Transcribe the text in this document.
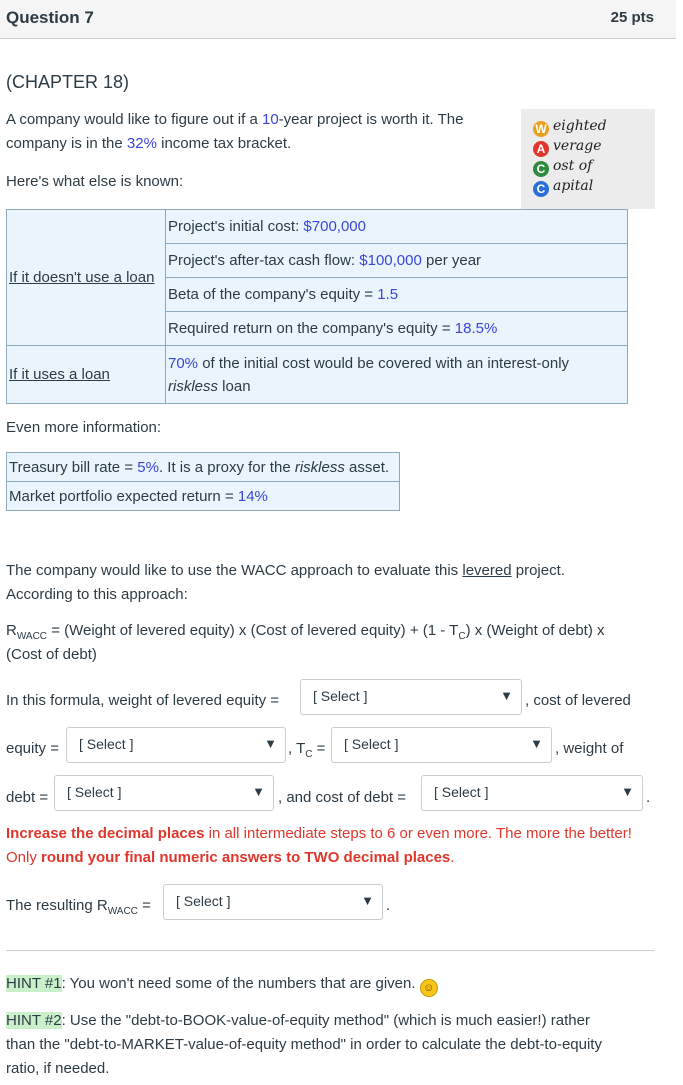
Question 7	25 pts
(CHAPTER 18)
A company would like to figure out if a 10-year project is worth it. The
company is in the 32% income tax bracket.
Here's what else is known:
W eighted
A verage
C ost of
C apital
If it doesn't use a loan	Project's initial cost: $700,000
	Project's after-tax cash flow: $100,000 per year
	Beta of the company's equity = 1.5
	Required return on the company's equity = 18.5%
If it uses a loan	70% of the initial cost would be covered with an interest-only
riskless loan
Even more information:
Treasury bill rate = 5%. It is a proxy for the riskless asset.
Market portfolio expected return = 14%
The company would like to use the WACC approach to evaluate this levered project.
According to this approach:
$R_{WACC}$ = (Weight of levered equity) x (Cost of levered equity) + $(1 - T_C)$ x (Weight of debt) x
(Cost of debt)
In this formula, weight of levered equity = [ Select ]	▼ , cost of levered
equity = [ Select ]	▼ , $T_C$ = [ Select ]	▼ , weight of
debt = [ Select ]	▼ , and cost of debt = [ Select ]	▼ .
Increase the decimal places in all intermediate steps to 6 or even more. The more the better!
Only round your final numeric answers to TWO decimal places.
The resulting $R_{WACC}$ = [ Select ]	▼ .
HINT #1: You won't need some of the numbers that are given. ☺
HINT #2: Use the "debt-to-BOOK-value-of-equity method" (which is much easier!) rather
than the "debt-to-MARKET-value-of-equity method" in order to calculate the debt-to-equity
ratio, if needed.
